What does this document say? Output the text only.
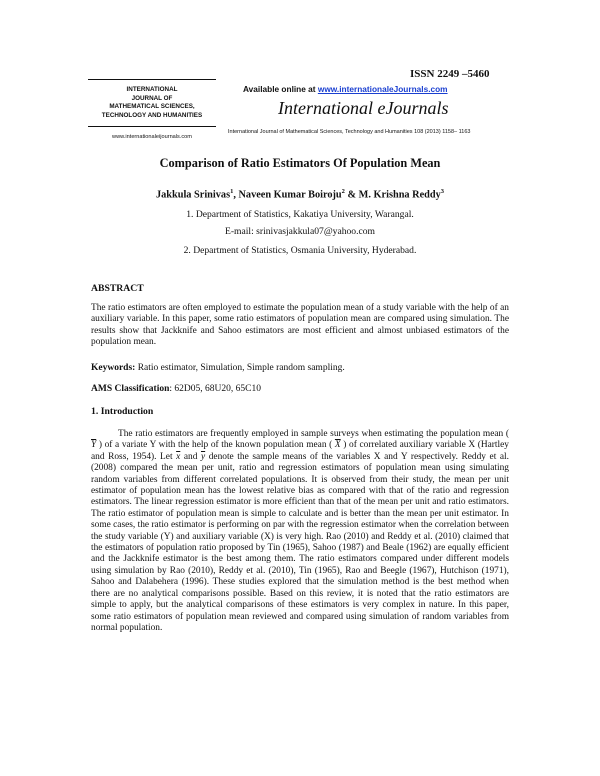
ISSN 2249 –5460
INTERNATIONAL
JOURNAL OF
MATHEMATICAL SCIENCES,
TECHNOLOGY AND HUMANITIES
www.internationaleijournals.com
Available online at www.internationaleJournals.com
International eJournals
International Journal of Mathematical Sciences, Technology and Humanities 108 (2013) 1158– 1163
Comparison of Ratio Estimators Of Population Mean
Jakkula Srinivas$^1$, Naveen Kumar Boiroju$^2$ & M. Krishna Reddy$^3$
1. Department of Statistics, Kakatiya University, Warangal.
E-mail: srinivasjakkula07@yahoo.com
2. Department of Statistics, Osmania University, Hyderabad.
ABSTRACT
The ratio estimators are often employed to estimate the population mean of a study variable with the help of an auxiliary variable. In this paper, some ratio estimators of population mean are compared using simulation. The results show that Jackknife and Sahoo estimators are most efficient and almost unbiased estimators of the population mean.
Keywords: Ratio estimator, Simulation, Simple random sampling.
AMS Classification: 62D05, 68U20, 65C10
1. Introduction
The ratio estimators are frequently employed in sample surveys when estimating the population mean ( $\overline{Y}$ ) of a variate Y with the help of the known population mean ( $\overline{X}$ ) of correlated auxiliary variable X (Hartley and Ross, 1954). Let $\overline{x}$ and $\overline{y}$ denote the sample means of the variables X and Y respectively. Reddy et al. (2008) compared the mean per unit, ratio and regression estimators of population mean using simulating random variables from different correlated populations. It is observed from their study, the mean per unit estimator of population mean has the lowest relative bias as compared with that of the ratio and regression estimators. The linear regression estimator is more efficient than that of the mean per unit and ratio estimators. The ratio estimator of population mean is simple to calculate and is better than the mean per unit estimator. In some cases, the ratio estimator is performing on par with the regression estimator when the correlation between the study variable (Y) and auxiliary variable (X) is very high. Rao (2010) and Reddy et al. (2010) claimed that the estimators of population ratio proposed by Tin (1965), Sahoo (1987) and Beale (1962) are equally efficient and the Jackknife estimator is the best among them. The ratio estimators compared under different models using simulation by Rao (2010), Reddy et al. (2010), Tin (1965), Rao and Beegle (1967), Hutchison (1971), Sahoo and Dalabehera (1996). These studies explored that the simulation method is the best method when there are no analytical comparisons possible. Based on this review, it is noted that the ratio estimators are simple to apply, but the analytical comparisons of these estimators is very complex in nature. In this paper, some ratio estimators of population mean reviewed and compared using simulation of random variables from normal population.
